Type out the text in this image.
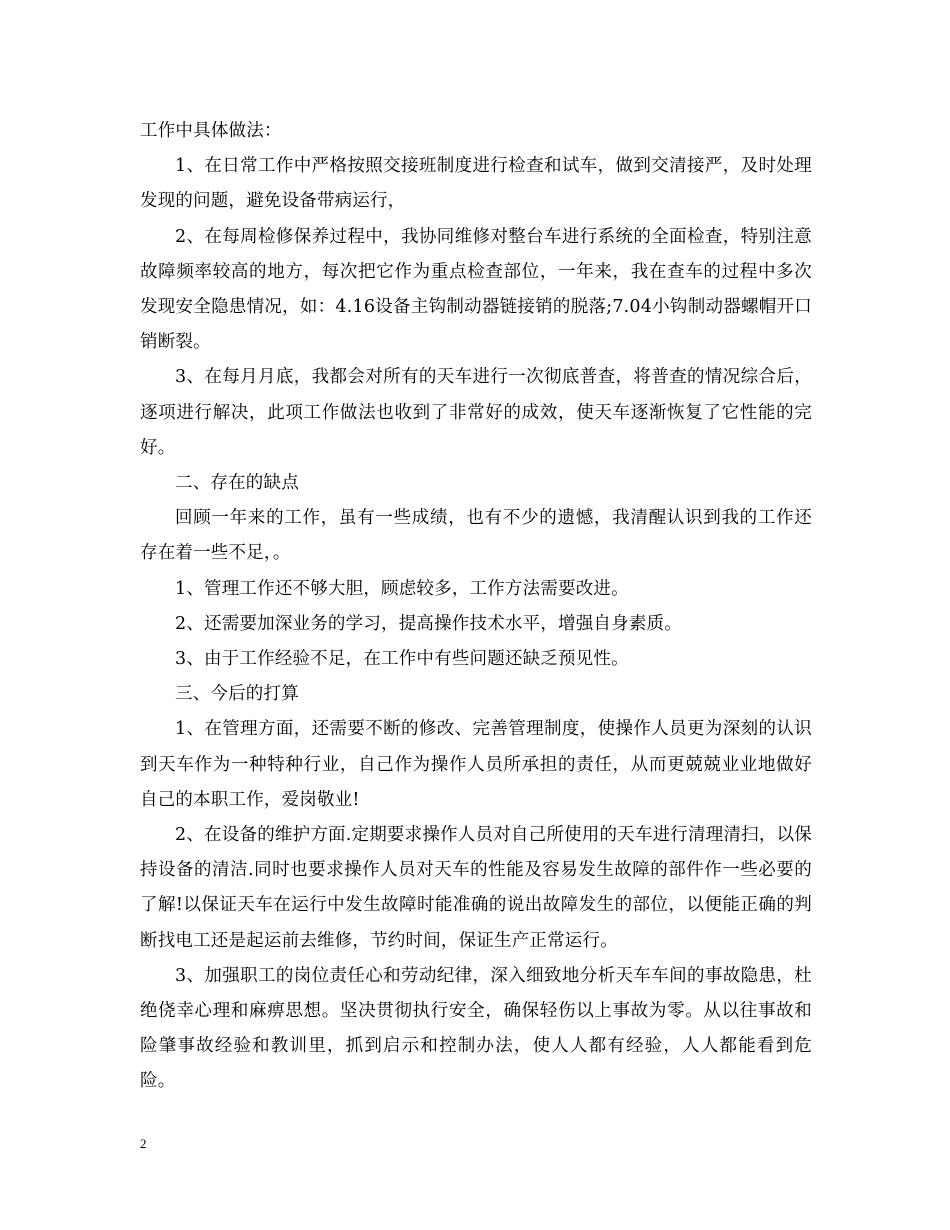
工作中具体做法：

1、在日常工作中严格按照交接班制度进行检查和试车，做到交清接严，及时处理发现的问题，避免设备带病运行，

2、在每周检修保养过程中，我协同维修对整台车进行系统的全面检查，特别注意故障频率较高的地方，每次把它作为重点检查部位，一年来，我在查车的过程中多次发现安全隐患情况，如：4.16设备主钩制动器链接销的脱落;7.04小钩制动器螺帽开口销断裂。

3、在每月月底，我都会对所有的天车进行一次彻底普查，将普查的情况综合后，逐项进行解决，此项工作做法也收到了非常好的成效，使天车逐渐恢复了它性能的完好。

二、存在的缺点

回顾一年来的工作，虽有一些成绩，也有不少的遗憾，我清醒认识到我的工作还存在着一些不足，。

1、管理工作还不够大胆，顾虑较多，工作方法需要改进。

2、还需要加深业务的学习，提高操作技术水平，增强自身素质。

3、由于工作经验不足，在工作中有些问题还缺乏预见性。

三、今后的打算

1、在管理方面，还需要不断的修改、完善管理制度，使操作人员更为深刻的认识到天车作为一种特种行业，自己作为操作人员所承担的责任，从而更兢兢业业地做好自己的本职工作，爱岗敬业!

2、在设备的维护方面.定期要求操作人员对自己所使用的天车进行清理清扫，以保持设备的清洁.同时也要求操作人员对天车的性能及容易发生故障的部件作一些必要的了解!以保证天车在运行中发生故障时能准确的说出故障发生的部位，以便能正确的判断找电工还是起运前去维修，节约时间，保证生产正常运行。

3、加强职工的岗位责任心和劳动纪律，深入细致地分析天车车间的事故隐患，杜绝侥幸心理和麻痹思想。坚决贯彻执行安全，确保轻伤以上事故为零。从以往事故和险肇事故经验和教训里，抓到启示和控制办法，使人人都有经验，人人都能看到危险。

2
